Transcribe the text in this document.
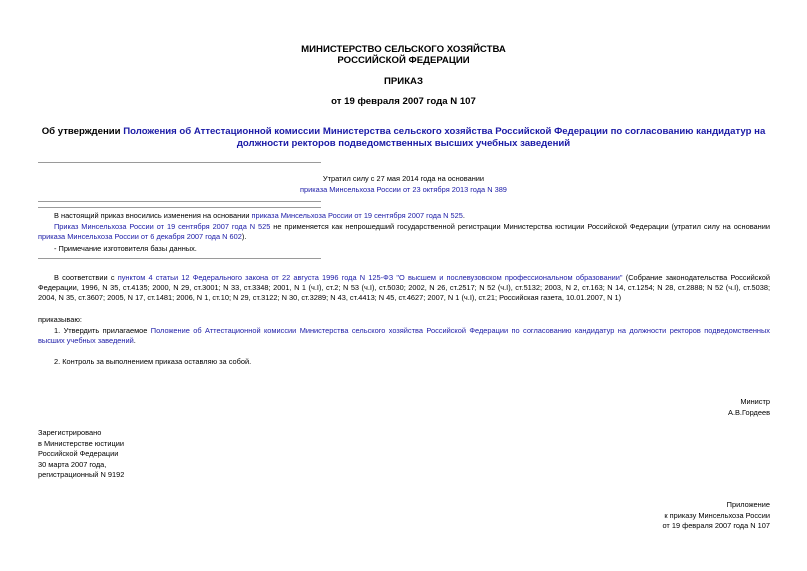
МИНИСТЕРСТВО СЕЛЬСКОГО ХОЗЯЙСТВА
РОССИЙСКОЙ ФЕДЕРАЦИИ
ПРИКАЗ
от 19 февраля 2007 года N 107
Об утверждении Положения об Аттестационной комиссии Министерства сельского хозяйства Российской Федерации по согласованию кандидатур на должности ректоров подведомственных высших учебных заведений
Утратил силу с 27 мая 2014 года на основании
приказа Минсельхоза России от 23 октября 2013 года N 389
В настоящий приказ вносились изменения на основании приказа Минсельхоза России от 19 сентября 2007 года N 525.
Приказ Минсельхоза России от 19 сентября 2007 года N 525 не применяется как непрошедший государственной регистрации Министерства юстиции Российской Федерации (утратил силу на основании приказа Минсельхоза России от 6 декабря 2007 года N 602).
- Примечание изготовителя базы данных.
В соответствии с пунктом 4 статьи 12 Федерального закона от 22 августа 1996 года N 125-ФЗ "О высшем и послевузовском профессиональном образовании" (Собрание законодательства Российской Федерации, 1996, N 35, ст.4135; 2000, N 29, ст.3001; N 33, ст.3348; 2001, N 1 (ч.I), ст.2; N 53 (ч.I), ст.5030; 2002, N 26, ст.2517; N 52 (ч.I), ст.5132; 2003, N 2, ст.163; N 14, ст.1254; N 28, ст.2888; N 52 (ч.I), ст.5038; 2004, N 35, ст.3607; 2005, N 17, ст.1481; 2006, N 1, ст.10; N 29, ст.3122; N 30, ст.3289; N 43, ст.4413; N 45, ст.4627; 2007, N 1 (ч.I), ст.21; Российская газета, 10.01.2007, N 1)
приказываю:
1. Утвердить прилагаемое Положение об Аттестационной комиссии Министерства сельского хозяйства Российской Федерации по согласованию кандидатур на должности ректоров подведомственных высших учебных заведений.
2. Контроль за выполнением приказа оставляю за собой.
Министр
А.В.Гордеев
Зарегистрировано
в Министерстве юстиции
Российской Федерации
30 марта 2007 года,
регистрационный N 9192
Приложение
к приказу Минсельхоза России
от 19 февраля 2007 года N 107
